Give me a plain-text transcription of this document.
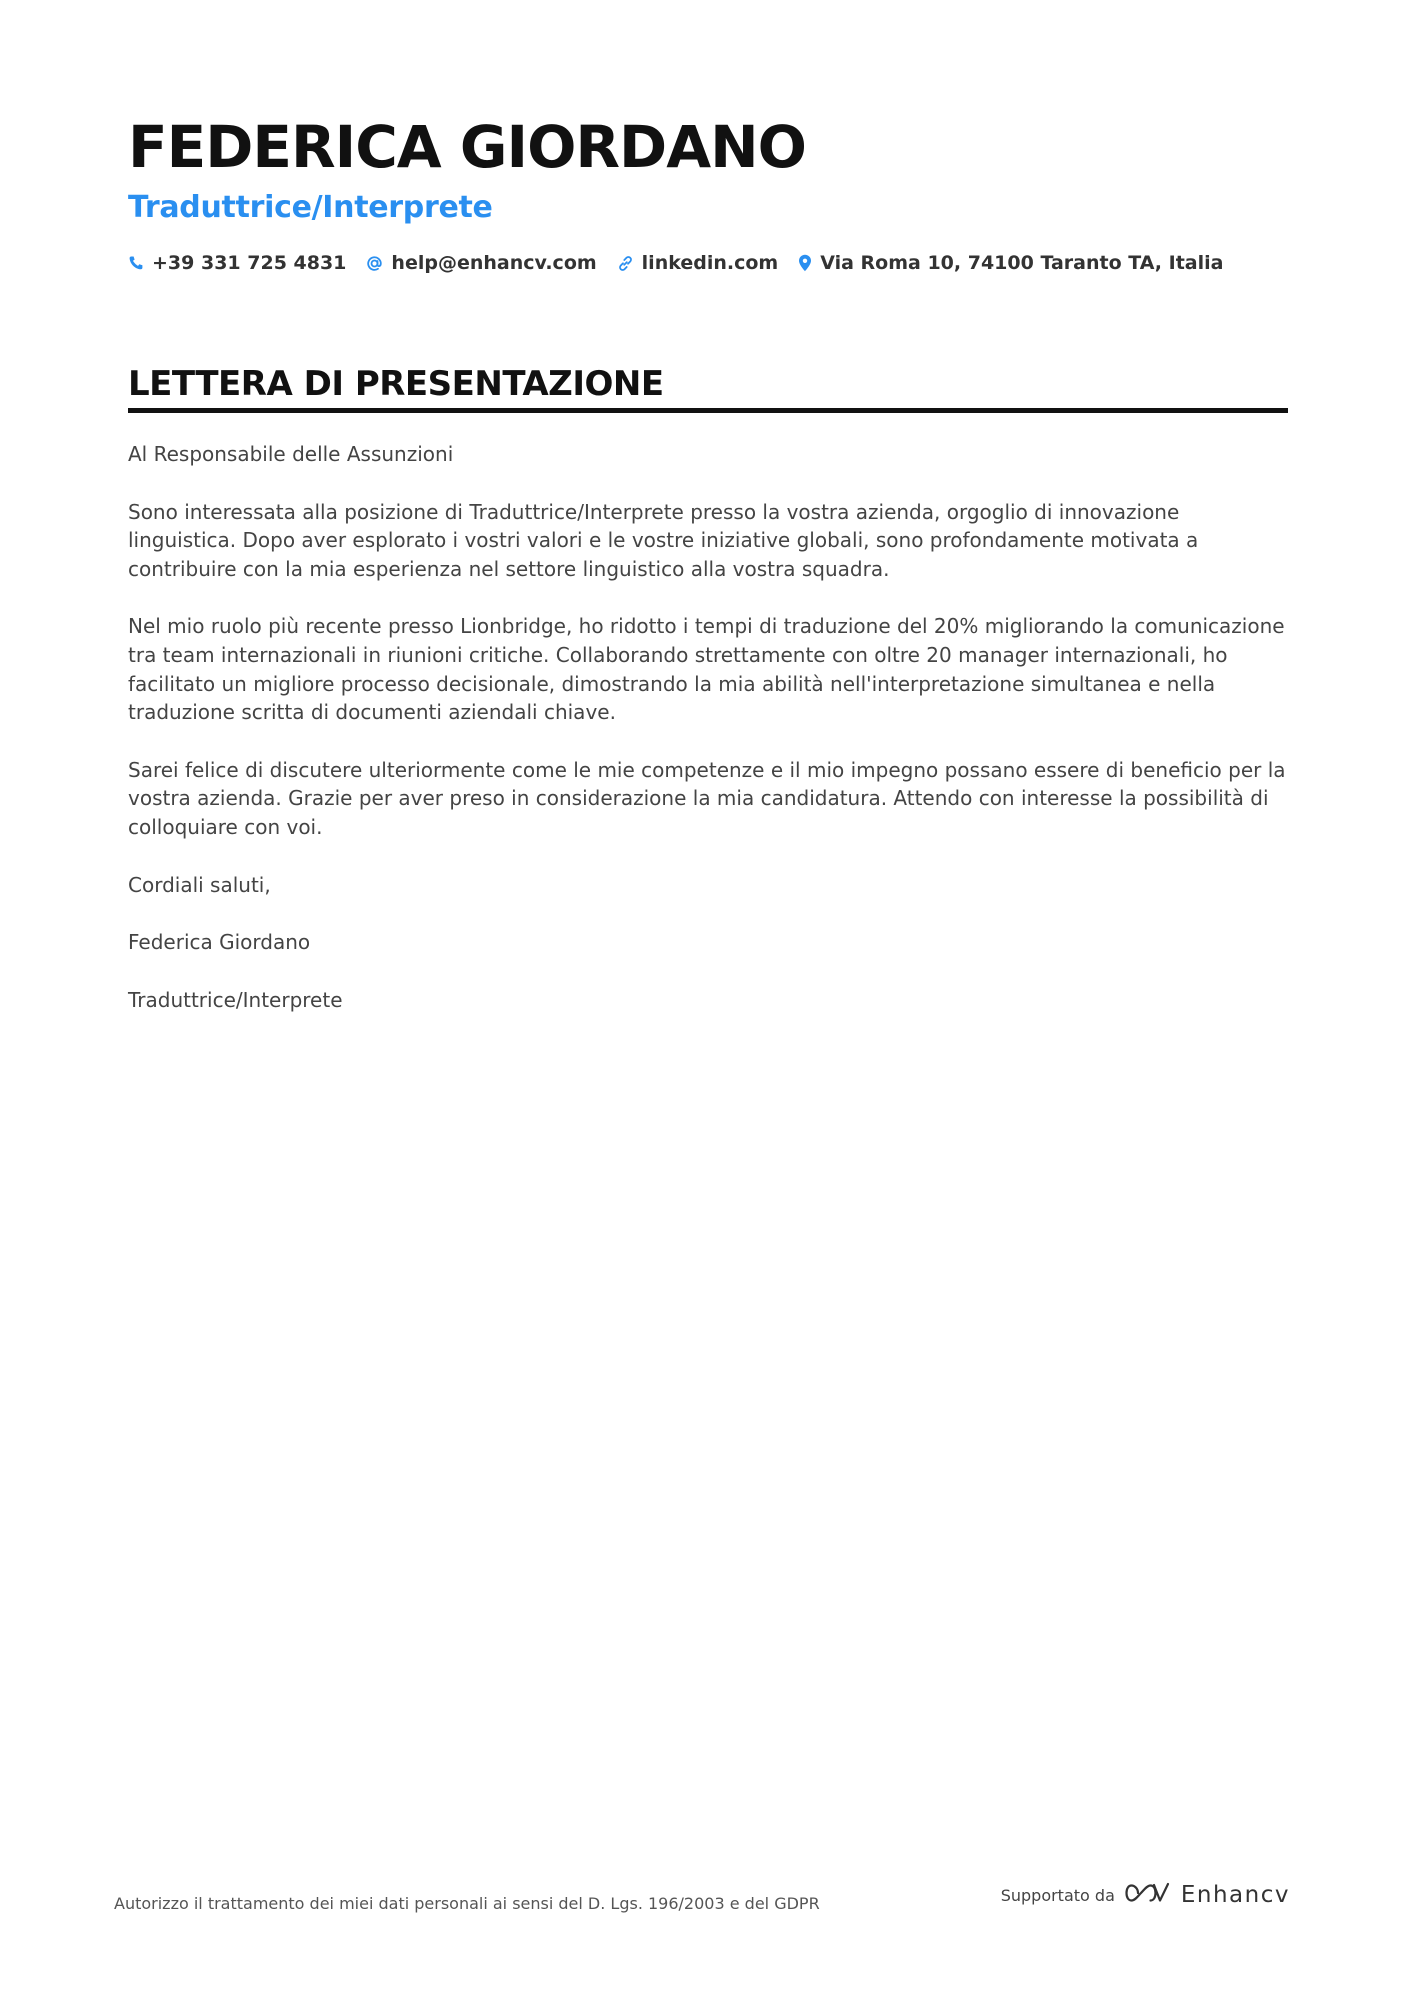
FEDERICA GIORDANO
Traduttrice/Interprete
+39 331 725 4831 help@enhancv.com linkedin.com Via Roma 10, 74100 Taranto TA, Italia
LETTERA DI PRESENTAZIONE

Al Responsabile delle Assunzioni

Sono interessata alla posizione di Traduttrice/Interprete presso la vostra azienda, orgoglio di innovazione linguistica. Dopo aver esplorato i vostri valori e le vostre iniziative globali, sono profondamente motivata a contribuire con la mia esperienza nel settore linguistico alla vostra squadra.

Nel mio ruolo più recente presso Lionbridge, ho ridotto i tempi di traduzione del 20% migliorando la comunicazione tra team internazionali in riunioni critiche. Collaborando strettamente con oltre 20 manager internazionali, ho facilitato un migliore processo decisionale, dimostrando la mia abilità nell'interpretazione simultanea e nella traduzione scritta di documenti aziendali chiave.

Sarei felice di discutere ulteriormente come le mie competenze e il mio impegno possano essere di beneficio per la vostra azienda. Grazie per aver preso in considerazione la mia candidatura. Attendo con interesse la possibilità di colloquiare con voi.

Cordiali saluti,

Federica Giordano

Traduttrice/Interprete

Autorizzo il trattamento dei miei dati personali ai sensi del D. Lgs. 196/2003 e del GDPR	Supportato da	Enhancv
